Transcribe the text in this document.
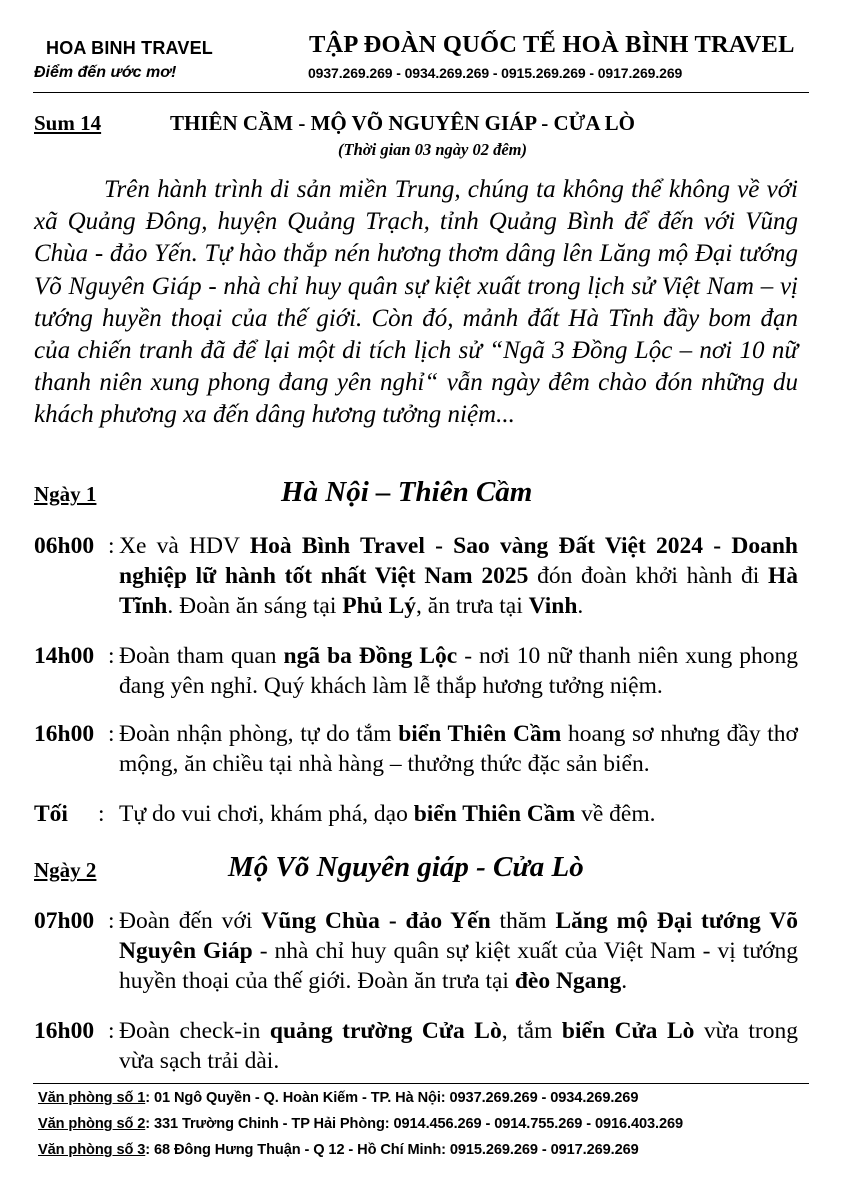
HOA BINH TRAVEL
Điểm đến ước mơ!
TẬP ĐOÀN QUỐC TẾ HOÀ BÌNH TRAVEL
0937.269.269 - 0934.269.269 - 0915.269.269 - 0917.269.269
Sum 14	THIÊN CẦM - MỘ VÕ NGUYÊN GIÁP - CỬA LÒ
(Thời gian 03 ngày 02 đêm)

Trên hành trình di sản miền Trung, chúng ta không thể không về với xã Quảng Đông, huyện Quảng Trạch, tỉnh Quảng Bình để đến với Vũng Chùa - đảo Yến. Tự hào thắp nén hương thơm dâng lên Lăng mộ Đại tướng Võ Nguyên Giáp - nhà chỉ huy quân sự kiệt xuất trong lịch sử Việt Nam – vị tướng huyền thoại của thế giới. Còn đó, mảnh đất Hà Tĩnh đầy bom đạn của chiến tranh đã để lại một di tích lịch sử “Ngã 3 Đồng Lộc – nơi 10 nữ thanh niên xung phong đang yên nghỉ“ vẫn ngày đêm chào đón những du khách phương xa đến dâng hương tưởng niệm...

Ngày 1	Hà Nội – Thiên Cầm
06h00 : Xe và HDV Hoà Bình Travel - Sao vàng Đất Việt 2024 - Doanh nghiệp lữ hành tốt nhất Việt Nam 2025 đón đoàn khởi hành đi Hà Tĩnh. Đoàn ăn sáng tại Phủ Lý, ăn trưa tại Vinh.
14h00 : Đoàn tham quan ngã ba Đồng Lộc - nơi 10 nữ thanh niên xung phong đang yên nghỉ. Quý khách làm lễ thắp hương tưởng niệm.
16h00 : Đoàn nhận phòng, tự do tắm biển Thiên Cầm hoang sơ nhưng đầy thơ mộng, ăn chiều tại nhà hàng – thưởng thức đặc sản biển.
Tối : Tự do vui chơi, khám phá, dạo biển Thiên Cầm về đêm.
Ngày 2	Mộ Võ Nguyên giáp - Cửa Lò
07h00 : Đoàn đến với Vũng Chùa - đảo Yến thăm Lăng mộ Đại tướng Võ Nguyên Giáp - nhà chỉ huy quân sự kiệt xuất của Việt Nam - vị tướng huyền thoại của thế giới. Đoàn ăn trưa tại đèo Ngang.
16h00 : Đoàn check-in quảng trường Cửa Lò, tắm biển Cửa Lò vừa trong vừa sạch trải dài.
Văn phòng số 1: 01 Ngô Quyền - Q. Hoàn Kiếm - TP. Hà Nội: 0937.269.269 - 0934.269.269
Văn phòng số 2: 331 Trường Chinh - TP Hải Phòng: 0914.456.269 - 0914.755.269 - 0916.403.269
Văn phòng số 3: 68 Đông Hưng Thuận - Q 12 - Hồ Chí Minh: 0915.269.269 - 0917.269.269
